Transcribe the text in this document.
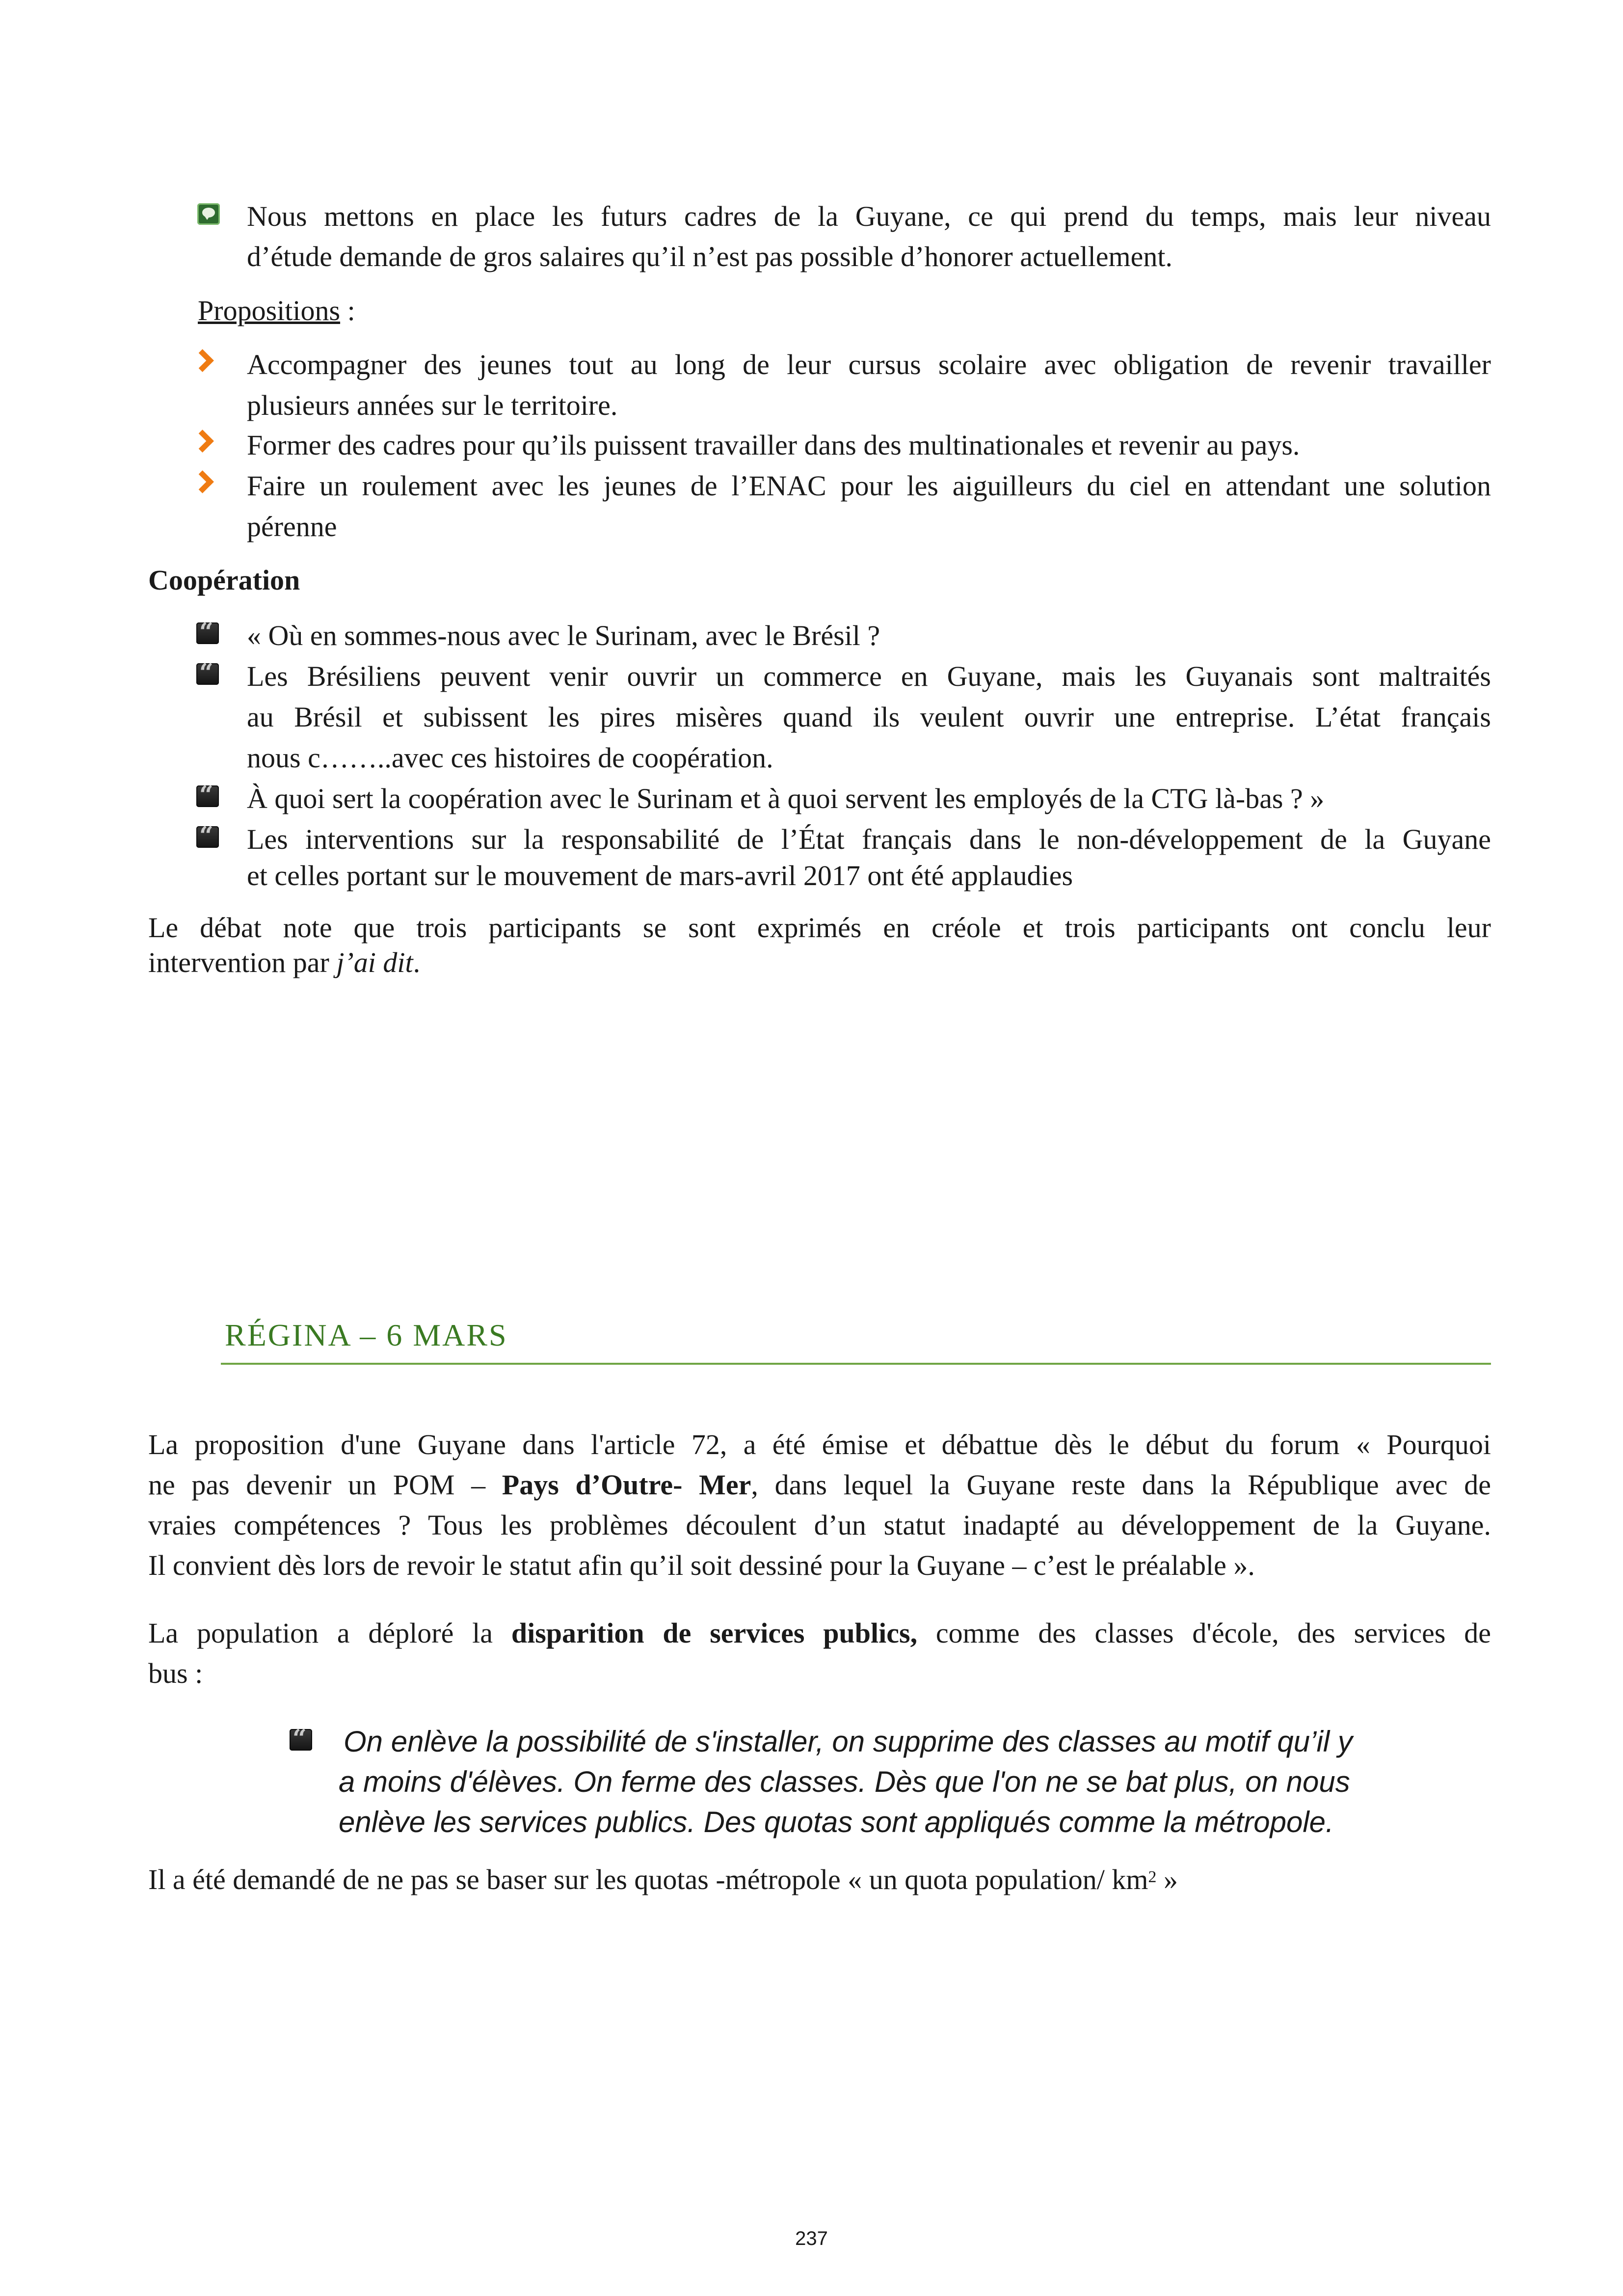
Nous mettons en place les futurs cadres de la Guyane, ce qui prend du temps, mais leur niveau
d’étude demande de gros salaires qu’il n’est pas possible d’honorer actuellement.
Propositions :
Accompagner des jeunes tout au long de leur cursus scolaire avec obligation de revenir travailler
plusieurs années sur le territoire.
Former des cadres pour qu’ils puissent travailler dans des multinationales et revenir au pays.
Faire un roulement avec les jeunes de l’ENAC pour les aiguilleurs du ciel en attendant une solution
pérenne
Coopération
“ « Où en sommes-nous avec le Surinam, avec le Brésil ?
“ Les Brésiliens peuvent venir ouvrir un commerce en Guyane, mais les Guyanais sont maltraités
au Brésil et subissent les pires misères quand ils veulent ouvrir une entreprise. L’état français
nous c……..avec ces histoires de coopération.
“ À quoi sert la coopération avec le Surinam et à quoi servent les employés de la CTG là-bas ? »
“ Les interventions sur la responsabilité de l’État français dans le non-développement de la Guyane
et celles portant sur le mouvement de mars-avril 2017 ont été applaudies
Le débat note que trois participants se sont exprimés en créole et trois participants ont conclu leur
intervention par j’ai dit.
RÉGINA – 6 MARS
La proposition d'une Guyane dans l'article 72, a été émise et débattue dès le début du forum « Pourquoi
ne pas devenir un POM – Pays d’Outre- Mer, dans lequel la Guyane reste dans la République avec de
vraies compétences ? Tous les problèmes découlent d’un statut inadapté au développement de la Guyane.
Il convient dès lors de revoir le statut afin qu’il soit dessiné pour la Guyane – c’est le préalable ».
La population a déploré la disparition de services publics, comme des classes d'école, des services de
bus :
“ On enlève la possibilité de s'installer, on supprime des classes au motif qu’il y
a moins d'élèves. On ferme des classes. Dès que l'on ne se bat plus, on nous
enlève les services publics. Des quotas sont appliqués comme la métropole.
Il a été demandé de ne pas se baser sur les quotas -métropole « un quota population/ $km^2$ »
237
